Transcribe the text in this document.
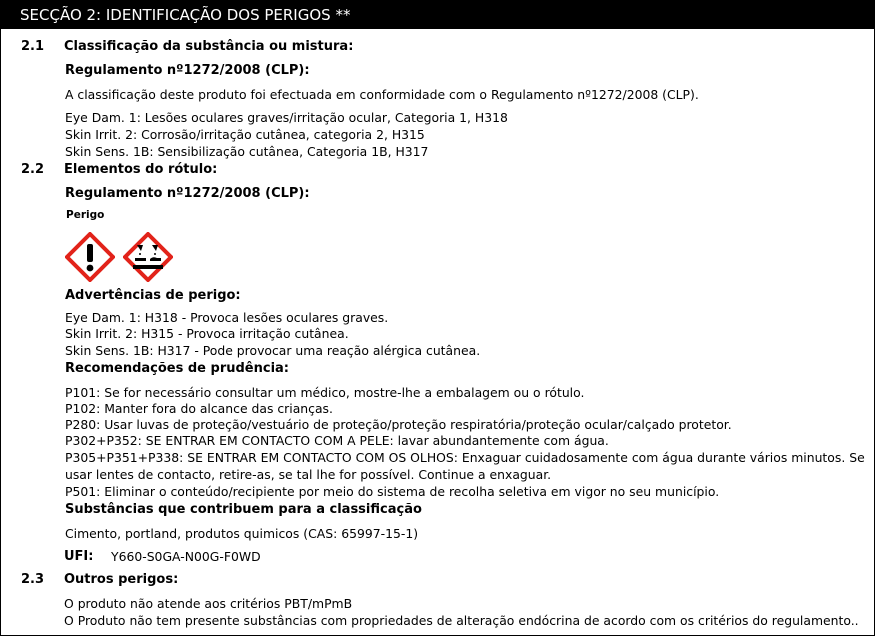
SECÇÃO 2: IDENTIFICAÇÃO DOS PERIGOS **
2.1 Classificação da substância ou mistura:
Regulamento nº1272/2008 (CLP):
A classificação deste produto foi efectuada em conformidade com o Regulamento nº1272/2008 (CLP).
Eye Dam. 1: Lesões oculares graves/irritação ocular, Categoria 1, H318
Skin Irrit. 2: Corrosão/irritação cutânea, categoria 2, H315
Skin Sens. 1B: Sensibilização cutânea, Categoria 1B, H317
2.2 Elementos do rótulo:
Regulamento nº1272/2008 (CLP):
Perigo
Advertências de perigo:
Eye Dam. 1: H318 - Provoca lesões oculares graves.
Skin Irrit. 2: H315 - Provoca irritação cutânea.
Skin Sens. 1B: H317 - Pode provocar uma reação alérgica cutânea.
Recomendações de prudência:
P101: Se for necessário consultar um médico, mostre-lhe a embalagem ou o rótulo.
P102: Manter fora do alcance das crianças.
P280: Usar luvas de proteção/vestuário de proteção/proteção respiratória/proteção ocular/calçado protetor.
P302+P352: SE ENTRAR EM CONTACTO COM A PELE: lavar abundantemente com água.
P305+P351+P338: SE ENTRAR EM CONTACTO COM OS OLHOS: Enxaguar cuidadosamente com água durante vários minutos. Se usar lentes de contacto, retire-as, se tal lhe for possível. Continue a enxaguar.
P501: Eliminar o conteúdo/recipiente por meio do sistema de recolha seletiva em vigor no seu município.
Substâncias que contribuem para a classificação
Cimento, portland, produtos quimicos (CAS: 65997-15-1)
UFI: Y660-S0GA-N00G-F0WD
2.3 Outros perigos:
O produto não atende aos critérios PBT/mPmB
O Produto não tem presente substâncias com propriedades de alteração endócrina de acordo com os critérios do regulamento..
